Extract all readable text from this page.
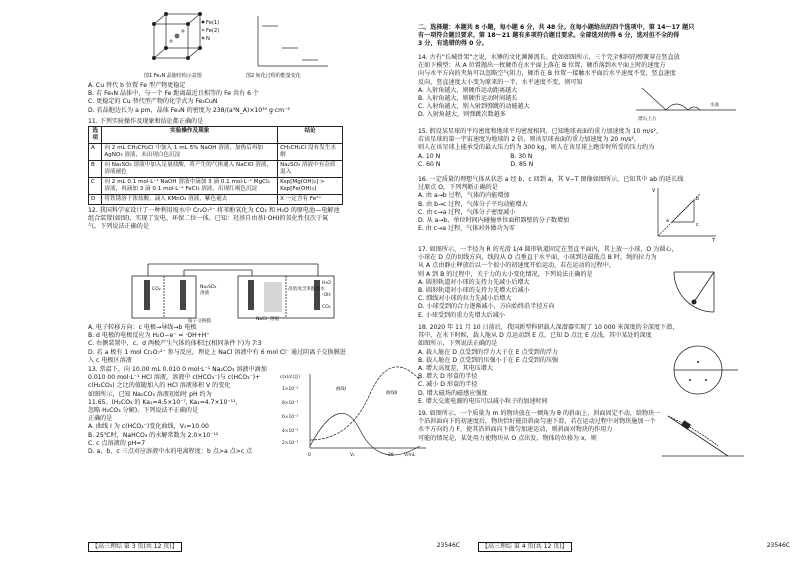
Fe(1)
Fe(2)
N
图1 Fe₄N 晶胞结构示意图	图2 转化过程的能量变化
A. Cu 替代 b 位置 Fe 型产物更稳定
B. 若 Fe₄N 晶体中，与一个 Fe 距离最近且相等的 Fe 共有 6 个
C. 更稳定的 Cu 替代型产物的化学式为 Fe₃CuN
D. 若晶胞边长为 a pm，晶体 Fe₄N 的密度为 238/(a³N_A)×10³⁰ g·cm⁻³
11. 下列实验操作及现象和结论都正确的是
选项	实验操作及现象	结论
A	向 2 mL CH₃CH₂Cl 中加入 1 mL 5% NaOH 溶液，加热后再加 AgNO₃ 溶液，未出现白色沉淀	CH₃CH₂Cl 没有发生水解
B	向 Na₂SO₃ 溶液中加入足量盐酸，将产生的气体通入 NaClO 溶液，溶液褪色	Na₂SO₃ 溶液中有杂质混入
C	向 2 mL 0.1 mol·L⁻¹ NaOH 溶液中滴加 3 滴 0.1 mol·L⁻¹ MgCl₂ 溶液，再滴加 3 滴 0.1 mol·L⁻¹ FeCl₃ 溶液，出现红褐色沉淀	Ksp[Mg(OH)₂] > Ksp[Fe(OH)₃]
D	将铁锈溶于浓盐酸，滴入 KMnO₄ 溶液，紫色褪去	X 一定含有 Fe²⁺
12. 我国科学家设计了一种利用废水中 Cr₂O₇²⁻ 将苯酚氧化为 CO₂ 和 H₂O 的原电池—电解池
组合装置(如图)，实现了发电、环保二位一体。已知：羟基自由基(·OH)的氧化性仅次于氟
气。下列说法正确的是
CO₂	Na₂SO₄
溶液
NaCl 溶液
质子交换膜
高浓度含苯酚废水
H₂O
·OH
CO₂
A. 电子转移方向：c 电极→导线→b 电极
B. d 电极的电极反应为 H₂O−e⁻ = ·OH+H⁺
C. 右侧装置中，c、d 两极产生气体的体积比(相同条件下)为 7∶3
D. 若 a 极有 1 mol Cr₂O₇²⁻ 参与反应，理论上 NaCl 溶液中有 6 mol Cl⁻ 通过阴离子交换膜进
入 c 电极区溶液
13. 常温下，向 10.00 mL 0.010 0 mol·L⁻¹ Na₂CO₃ 溶液中滴加
0.010 00 mol·L⁻¹ HCl 溶液，溶液中 c(HCO₃⁻)与 c(HCO₃⁻)+
c(H₂CO₃) 之比的值随加入的 HCl 溶液体积 V 的变化
如图所示，已知 Na₂CO₃ 溶液初始时 pH 约为
11.65。(H₂CO₃ 的 Ka₁=4.5×10⁻⁷, Ka₂=4.7×10⁻¹¹，
忽略 H₂CO₃ 分解)。下列说法不正确的是
正确的是
A. 曲线 I 为 c(HCO₃⁻)变化曲线，V₁=10.00
B. 25℃时，NaHCO₃ 的水解常数为 2.0×10⁻¹²
C. c 点溶液的 pH=7
D. a、b、c 三点对应溶液中水的电离程度：b 点>a 点>c 点
c(x)/c(总)
V/mL
曲线I
曲线II
1×10⁻²
8×10⁻³
6×10⁻³
4×10⁻³
2×10⁻³
0	V₁	20
【高三理综 第 3 页(共 12 页)】	23546C
二、选择题：本题共 8 小题，每小题 6 分，共 48 分。在每小题给出的四个选项中，第 14～17 题只
有一项符合题目要求，第 18～21 题有多项符合题目要求。全部选对的得 6 分，选对但不全的得
3 分，有选错的得 0 分。
14. 古有“长城骨架”之说，水锤的文化渊源流长。此如如图所示，三个完全相同的弹簧穿在竖直放
在如下模型：从 A 位置抛出一枚硬币在水平面上落在 B 位置，硬币落到水平面上时的速度方
向与水平方向的夹角可以忽略空气阻力，硬币在 B 位置一接触水平面后水平速度不变，竖直速度
反向，竖直速度大小变为原来的一半，水平速度不变，则可知
A. 入射角越大，则硬币运动距离越大
B. 入射角越大，则硬币运动时间越长
C. 入射角越大，则入射到弹跳的动能越大
D. 入射角越大，则弹跳次数越多
漂石上方
水面
15. 假设某星球的平均密度和地球平均密度相同，已知地球表面的重力加速度为 10 m/s²，
若该星球的第一宇宙速度为地球的 2 倍，则该星球表面的重力加速度为 20 m/s²，
则人在该星球上能承受的最大压力约为 300 kg，则人在该星球上跑步时所受的压力约为
A. 10 N	B. 30 N
C. 60 N	D. 85 N
16. 一定质量的理想气体从状态 a 经 b、c 回到 a，其 V−T 图像如图所示，已知其中 ab 的延长线
过原点 O，下列判断正确的是
A. 由 a→b 过程，气体的内能增加
B. 由 b→c 过程，气体分子平均动能增大
C. 由 c→a 过程，气体分子密度减小
D. 从 a→b，单位时间内碰撞单位面积器壁的分子数增加
E. 由 c→a 过程，气体对外做功为零
T
V
a
b
c
17. 如图所示，一半径为 R 的光滑 1/4 圆形轨道固定在竖直平面内，其上放一小球，O 为圆心，
小球在 D 点的切线方向，线段从 O 点垂直于水平面，小球到达最低点 B 时，绳的拉力为
从 A 点由静止释放后以一个很小的初速度开始运动，若在运动的过程中，
则 A 到 B 的过程中，关于力的大小变化情况，下列说法正确的是
A. 圆形轨道对小球的支持力先减小后增大
B. 圆形轨道对小球的支持力先增大后减小
C. 细线对小球的拉力先减小后增大
D. 小球受到的合力逐渐减小，方向始终沿半径方向
E. 小球受到的重力先增大后减小
18. 2020 年 11 月 10 日前后，我国新型科研载人深潜器实现了 10 000 米深度的全深度下潜，
其中，在水下时候，载人舱从 D 点运动到 E 点，已知 D 点比 E 点浅，其中某处的深度
如图所示，下列说法正确的是
A. 载人舱在 D 点受到的浮力大于在 E 点受到的浮力
B. 载人舱在 D 点受到的压强小于在 E 点受到的压强
A. 增大高度差，其电压增大
B. 增大 D 形盒的半径
C. 减小 D 形盒的半径
D. 增大磁场的磁感应强度
E. 增大交流电源的电压可以减小粒子的加速时间
19. 如图所示，一个质量为 m 的物块放在一倾角为 θ 的斜面上，斜面固定不动，给物块一
个沿斜面向下的初速度后，物块恰好能沿斜面匀速下滑，若在运动过程中对物块施加一个
水平方向的力 F，使其沿斜面向下做匀加速运动，则斜面对物块的作用力
可能的情况是，某处用力使物块从 O 点出发，物体的位移为 x，则
【高三理综 第 4 页(共 12 页)】	23546C
